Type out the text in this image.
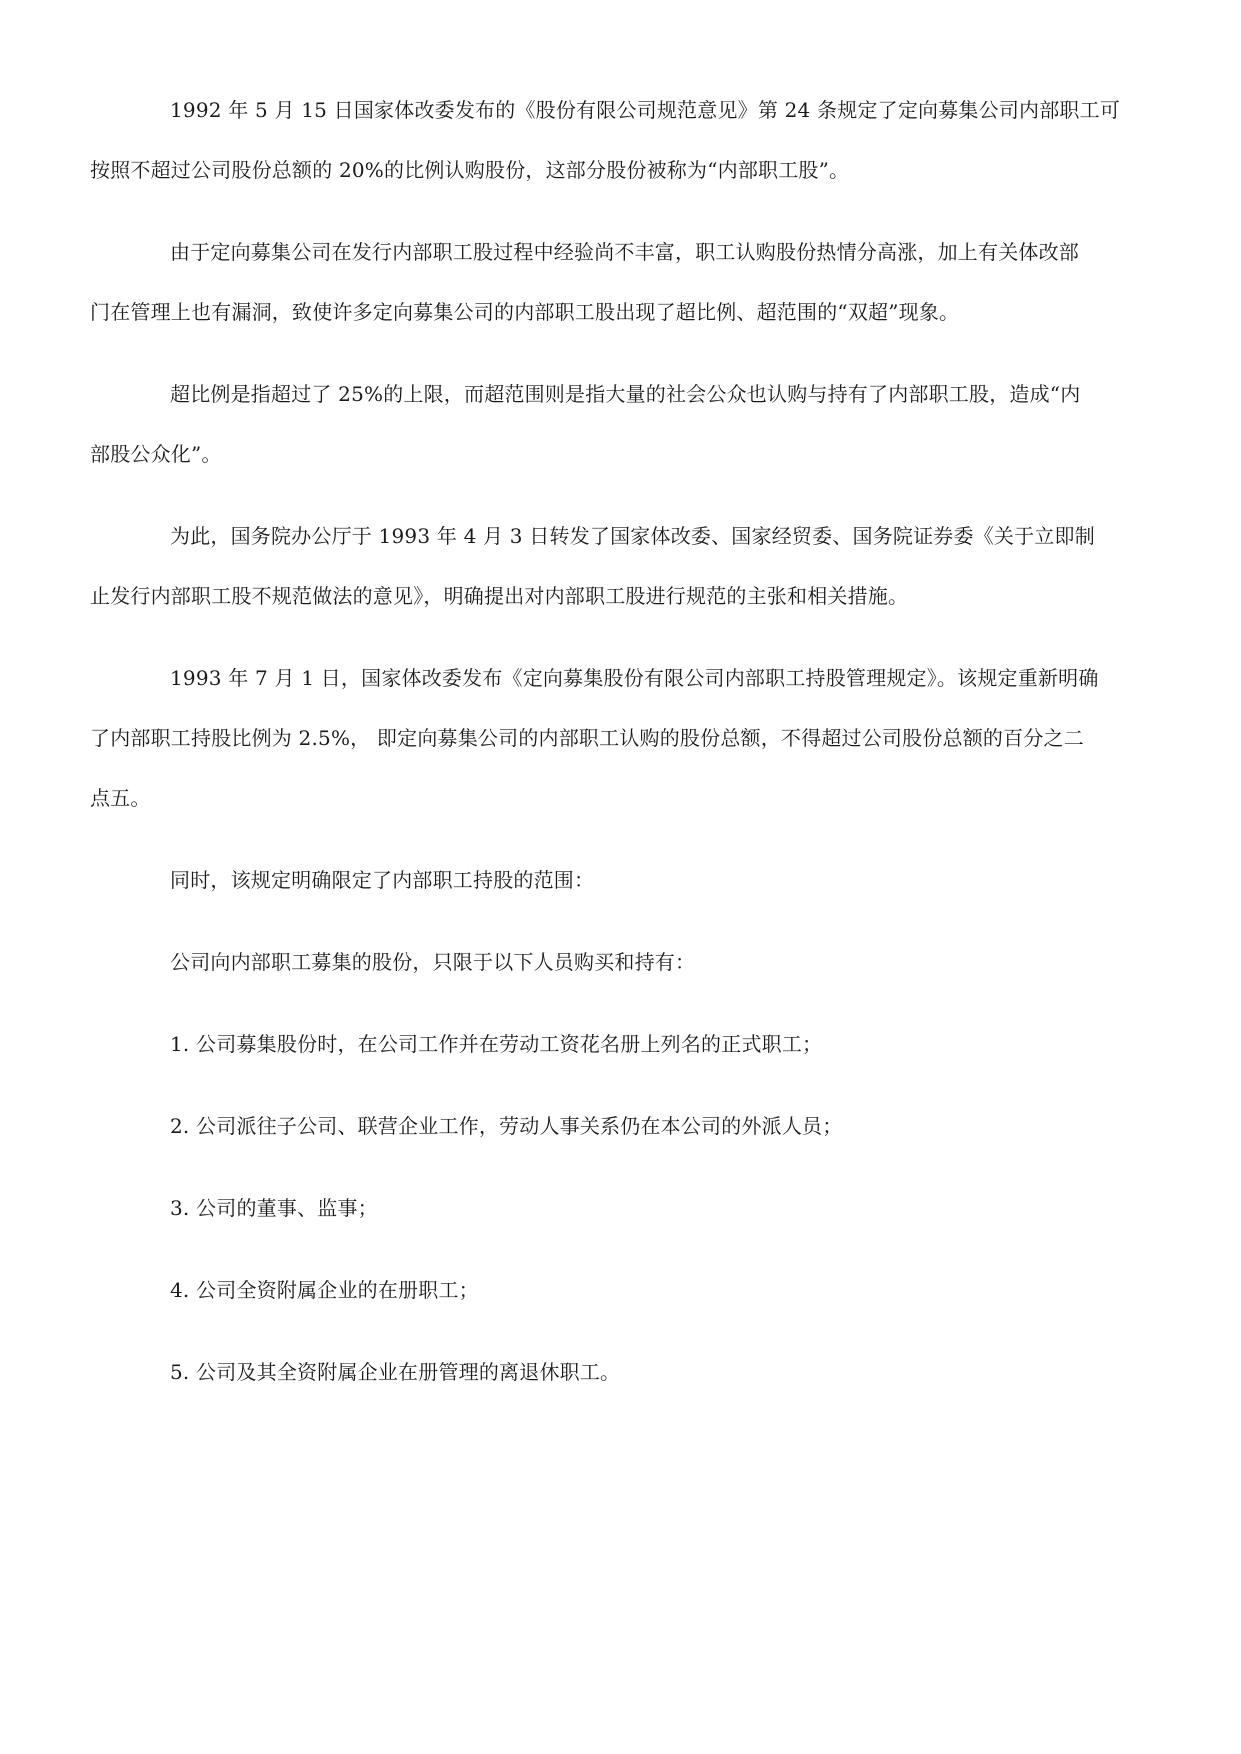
1992 年 5 月 15 日国家体改委发布的《股份有限公司规范意见》第 24 条规定了定向募集公司内部职工可
按照不超过公司股份总额的 20%的比例认购股份，这部分股份被称为“内部职工股”。
由于定向募集公司在发行内部职工股过程中经验尚不丰富，职工认购股份热情分高涨，加上有关体改部
门在管理上也有漏洞，致使许多定向募集公司的内部职工股出现了超比例、超范围的“双超”现象。
超比例是指超过了 25%的上限，而超范围则是指大量的社会公众也认购与持有了内部职工股，造成“内
部股公众化”。
为此，国务院办公厅于 1993 年 4 月 3 日转发了国家体改委、国家经贸委、国务院证券委《关于立即制
止发行内部职工股不规范做法的意见》，明确提出对内部职工股进行规范的主张和相关措施。
1993 年 7 月 1 日，国家体改委发布《定向募集股份有限公司内部职工持股管理规定》。该规定重新明确
了内部职工持股比例为 2.5%， 即定向募集公司的内部职工认购的股份总额，不得超过公司股份总额的百分之二
点五。
同时，该规定明确限定了内部职工持股的范围：
公司向内部职工募集的股份，只限于以下人员购买和持有：
1. 公司募集股份时，在公司工作并在劳动工资花名册上列名的正式职工；
2. 公司派往子公司、联营企业工作，劳动人事关系仍在本公司的外派人员；
3. 公司的董事、监事；
4. 公司全资附属企业的在册职工；
5. 公司及其全资附属企业在册管理的离退休职工。
